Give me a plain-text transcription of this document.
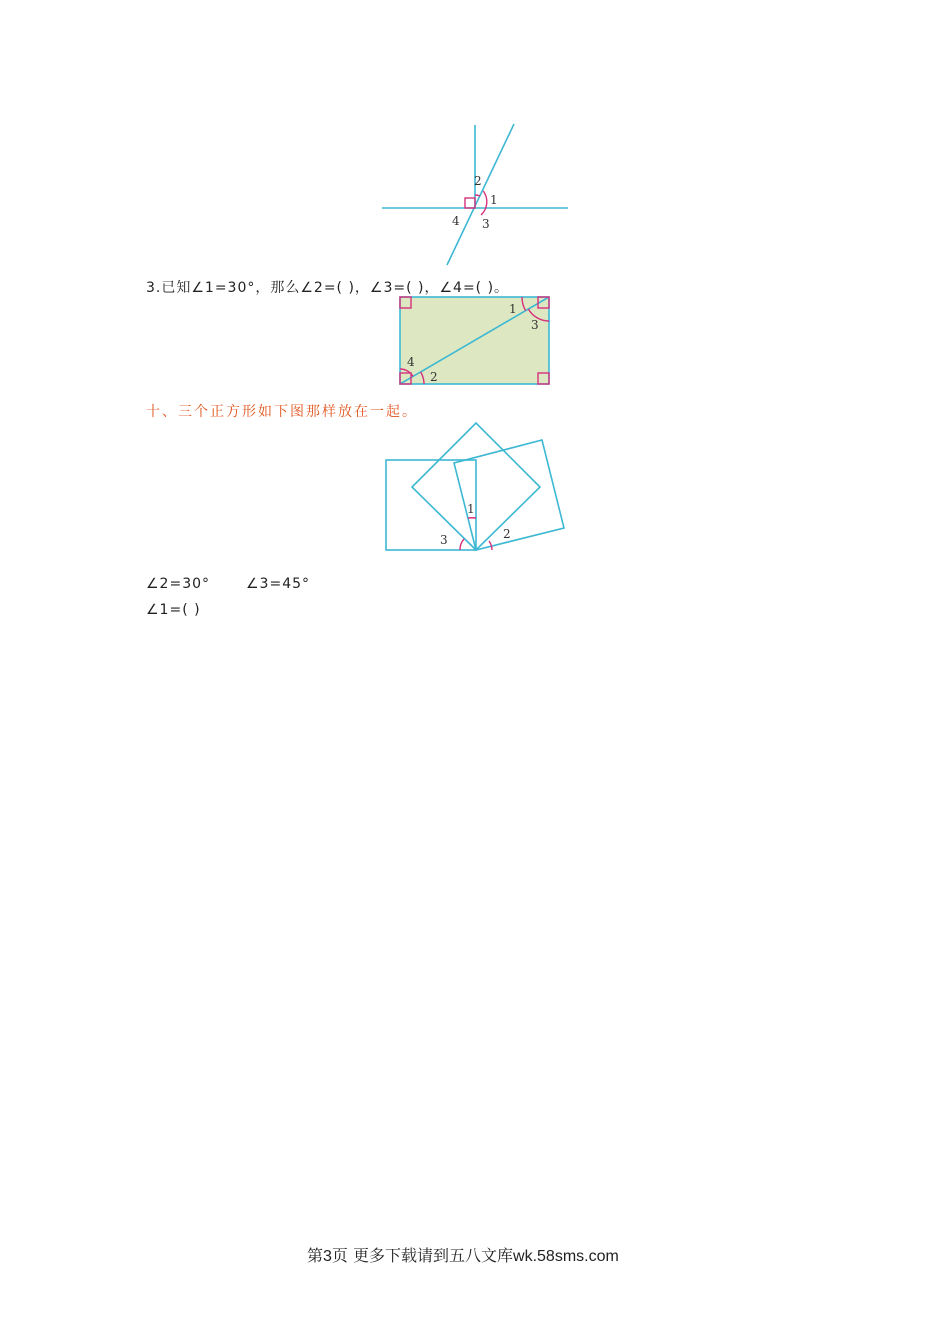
2
1
4 3
3.已知∠1=30°，那么∠2=( )，∠3=( )，∠4=( )。
1
3
4
2
十、三个正方形如下图那样放在一起。
1
3	2
∠2=30°	∠3=45°
∠1=( )
第3页 更多下载请到五八文库wk.58sms.com
